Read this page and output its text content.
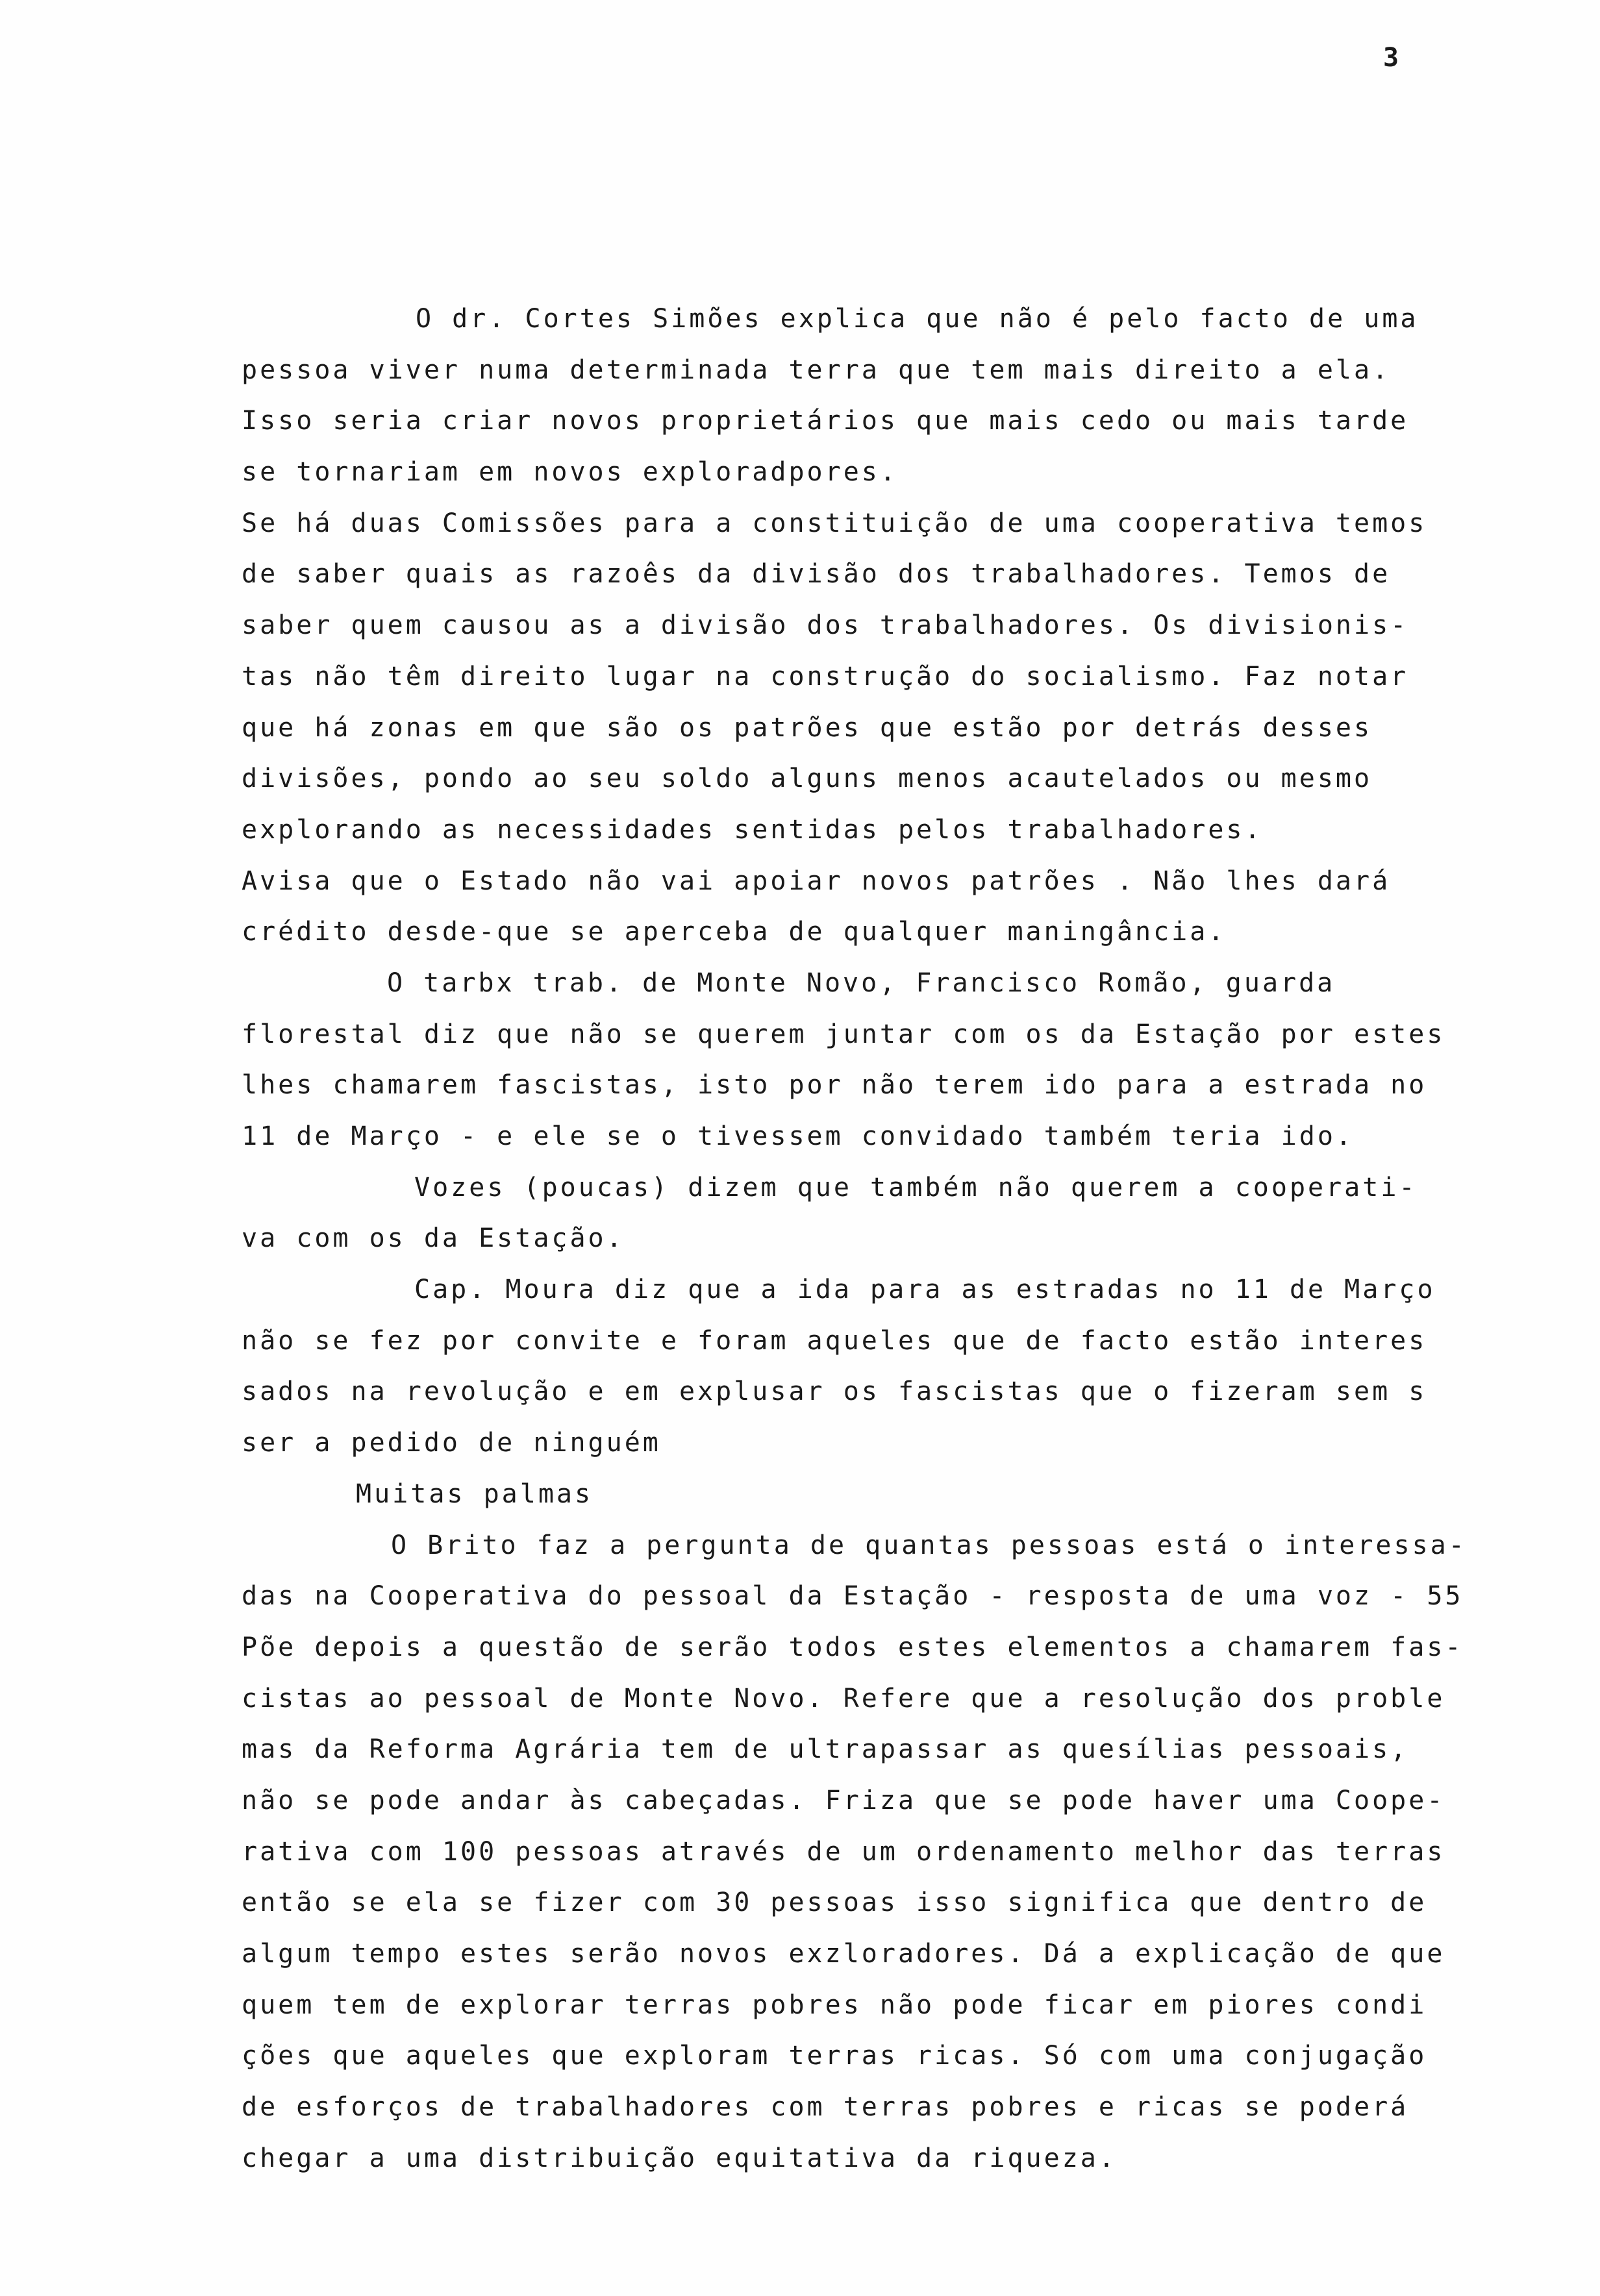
3
O dr. Cortes Simões explica que não é pelo facto de uma
pessoa viver numa determinada terra que tem mais direito a ela.
Isso seria criar novos proprietários que mais cedo ou mais tarde
se tornariam em novos exploradpores.
Se há duas Comissões para a constituição de uma cooperativa temos
de saber quais as razoês da divisão dos trabalhadores. Temos de
saber quem causou as a divisão dos trabalhadores. Os divisionis-
tas não têm direito lugar na construção do socialismo. Faz notar
que há zonas em que são os patrões que estão por detrás desses
divisões, pondo ao seu soldo alguns menos acautelados ou mesmo
explorando as necessidades sentidas pelos trabalhadores.
Avisa que o Estado não vai apoiar novos patrões . Não lhes dará
crédito desde-que se aperceba de qualquer maningância.
O tarbx trab. de Monte Novo, Francisco Romão, guarda
florestal diz que não se querem juntar com os da Estação por estes
lhes chamarem fascistas, isto por não terem ido para a estrada no
11 de Março - e ele se o tivessem convidado também teria ido.
Vozes (poucas) dizem que também não querem a cooperati-
va com os da Estação.
Cap. Moura diz que a ida para as estradas no 11 de Março
não se fez por convite e foram aqueles que de facto estão interes
sados na revolução e em explusar os fascistas que o fizeram sem s
ser a pedido de ninguém
Muitas palmas
O Brito faz a pergunta de quantas pessoas está o interessa-
das na Cooperativa do pessoal da Estação - resposta de uma voz - 55
Põe depois a questão de serão todos estes elementos a chamarem fas-
cistas ao pessoal de Monte Novo. Refere que a resolução dos proble
mas da Reforma Agrária tem de ultrapassar as quesílias pessoais,
não se pode andar às cabeçadas. Friza que se pode haver uma Coope-
rativa com 100 pessoas através de um ordenamento melhor das terras
então se ela se fizer com 30 pessoas isso significa que dentro de
algum tempo estes serão novos exzloradores. Dá a explicação de que
quem tem de explorar terras pobres não pode ficar em piores condi
ções que aqueles que exploram terras ricas. Só com uma conjugação
de esforços de trabalhadores com terras pobres e ricas se poderá
chegar a uma distribuição equitativa da riqueza.
